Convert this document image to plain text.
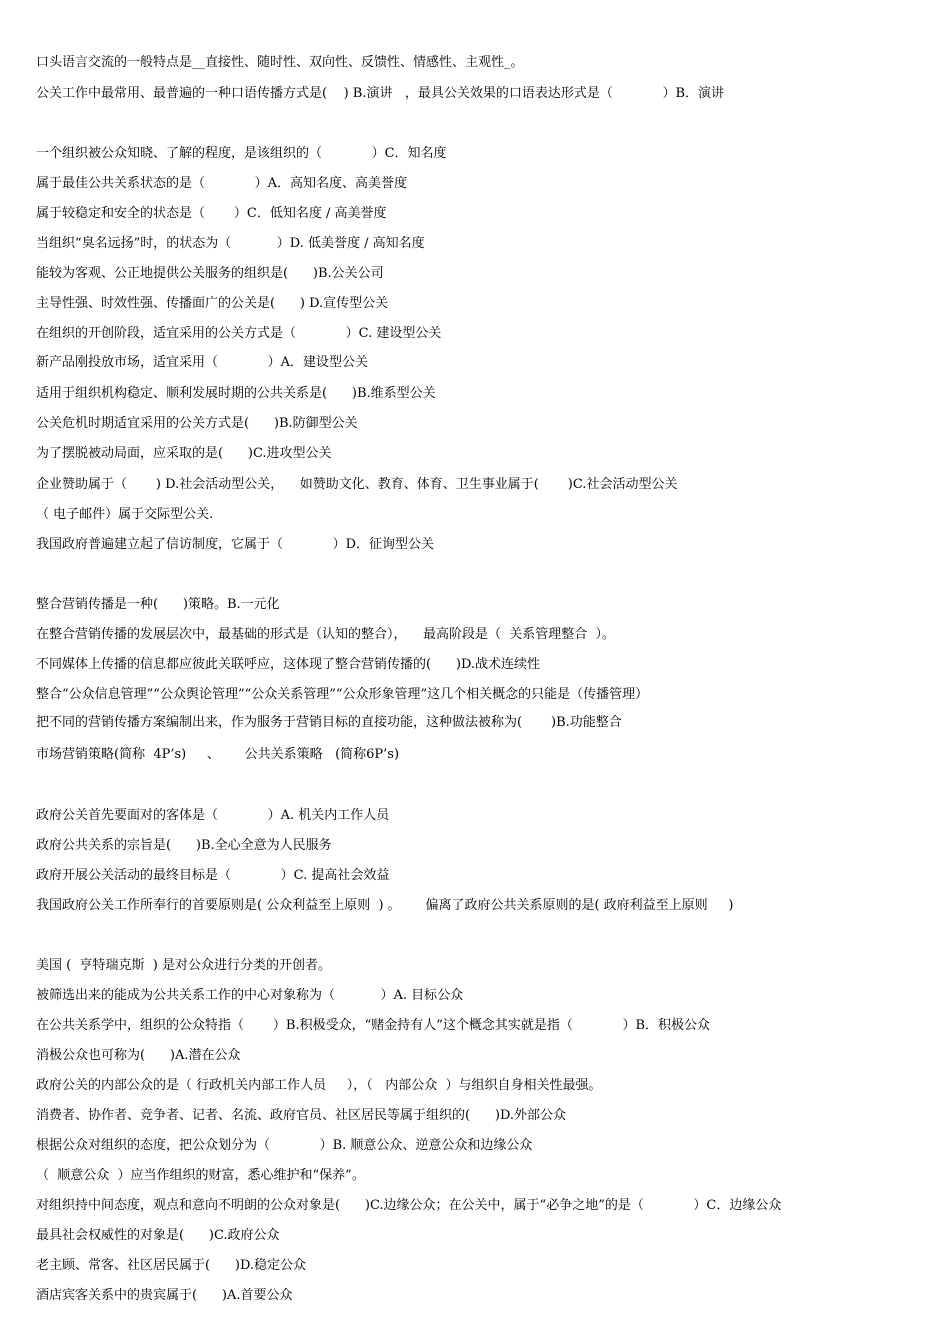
口头语言交流的一般特点是__直接性、随时性、双向性、反馈性、情感性、主观性_。
公关工作中最常用、最普遍的一种口语传播方式是(    ) B.演讲   ，最具公关效果的口语表达形式是（            ）B．演讲
一个组织被公众知晓、了解的程度，是该组织的（            ）C．知名度
属于最佳公共关系状态的是（            ）A．高知名度、高美誉度
属于较稳定和安全的状态是（       ）C．低知名度 / 高美誉度
当组织“臭名远扬”时，的状态为（           ）D. 低美誉度 / 高知名度
能较为客观、公正地提供公关服务的组织是(      )B.公关公司
主导性强、时效性强、传播面广的公关是(      ) D.宣传型公关
在组织的开创阶段，适宜采用的公关方式是（            ）C. 建设型公关
新产品刚投放市场，适宜采用（            ）A．建设型公关
适用于组织机构稳定、顺利发展时期的公共关系是(      )B.维系型公关
公关危机时期适宜采用的公关方式是(      )B.防御型公关
为了摆脱被动局面，应采取的是(      )C.进攻型公关
企业赞助属于（       ) D.社会活动型公关，    如赞助文化、教育、体育、卫生事业属于(       )C.社会活动型公关
（ 电子邮件）属于交际型公关.
我国政府普遍建立起了信访制度，它属于（            ）D．征询型公关
整合营销传播是一种(      )策略。B.一元化
在整合营销传播的发展层次中，最基础的形式是（认知的整合），    最高阶段是（  关系管理整合  ）。
不同媒体上传播的信息都应彼此关联呼应，这体现了整合营销传播的(      )D.战术连续性
整合“公众信息管理”“公众舆论管理”“公众关系管理”“公众形象管理”这几个相关概念的只能是（传播管理）
把不同的营销传播方案编制出来，作为服务于营销目标的直接功能，这种做法被称为(       )B.功能整合
市场营销策略(简称  4P’s)     、      公共关系策略   (简称6P’s)
政府公关首先要面对的客体是（            ）A. 机关内工作人员
政府公共关系的宗旨是(      )B.全心全意为人民服务
政府开展公关活动的最终目标是（            ）C. 提高社会效益
我国政府公关工作所奉行的首要原则是( 公众利益至上原则  ) 。      偏离了政府公共关系原则的是( 政府利益至上原则     )
美国 (  亨特瑞克斯  ) 是对公众进行分类的开创者。
被筛选出来的能成为公共关系工作的中心对象称为（           ）A. 目标公众
在公共关系学中，组织的公众特指（       ）B.积极受众，“赌金持有人”这个概念其实就是指（            ）B．积极公众
消极公众也可称为(      )A.潜在公众
政府公关的内部公众的是（ 行政机关内部工作人员     ），（   内部公众  ）与组织自身相关性最强。
消费者、协作者、竞争者、记者、名流、政府官员、社区居民等属于组织的(      )D.外部公众
根据公众对组织的态度，把公众划分为（            ）B. 顺意公众、逆意公众和边缘公众
（  顺意公众  ）应当作组织的财富，悉心维护和“保养”。
对组织持中间态度，观点和意向不明朗的公众对象是(      )C.边缘公众；在公关中，属于“必争之地”的是（            ）C．边缘公众
最具社会权威性的对象是(      )C.政府公众
老主顾、常客、社区居民属于(      )D.稳定公众
酒店宾客关系中的贵宾属于(      )A.首要公众
